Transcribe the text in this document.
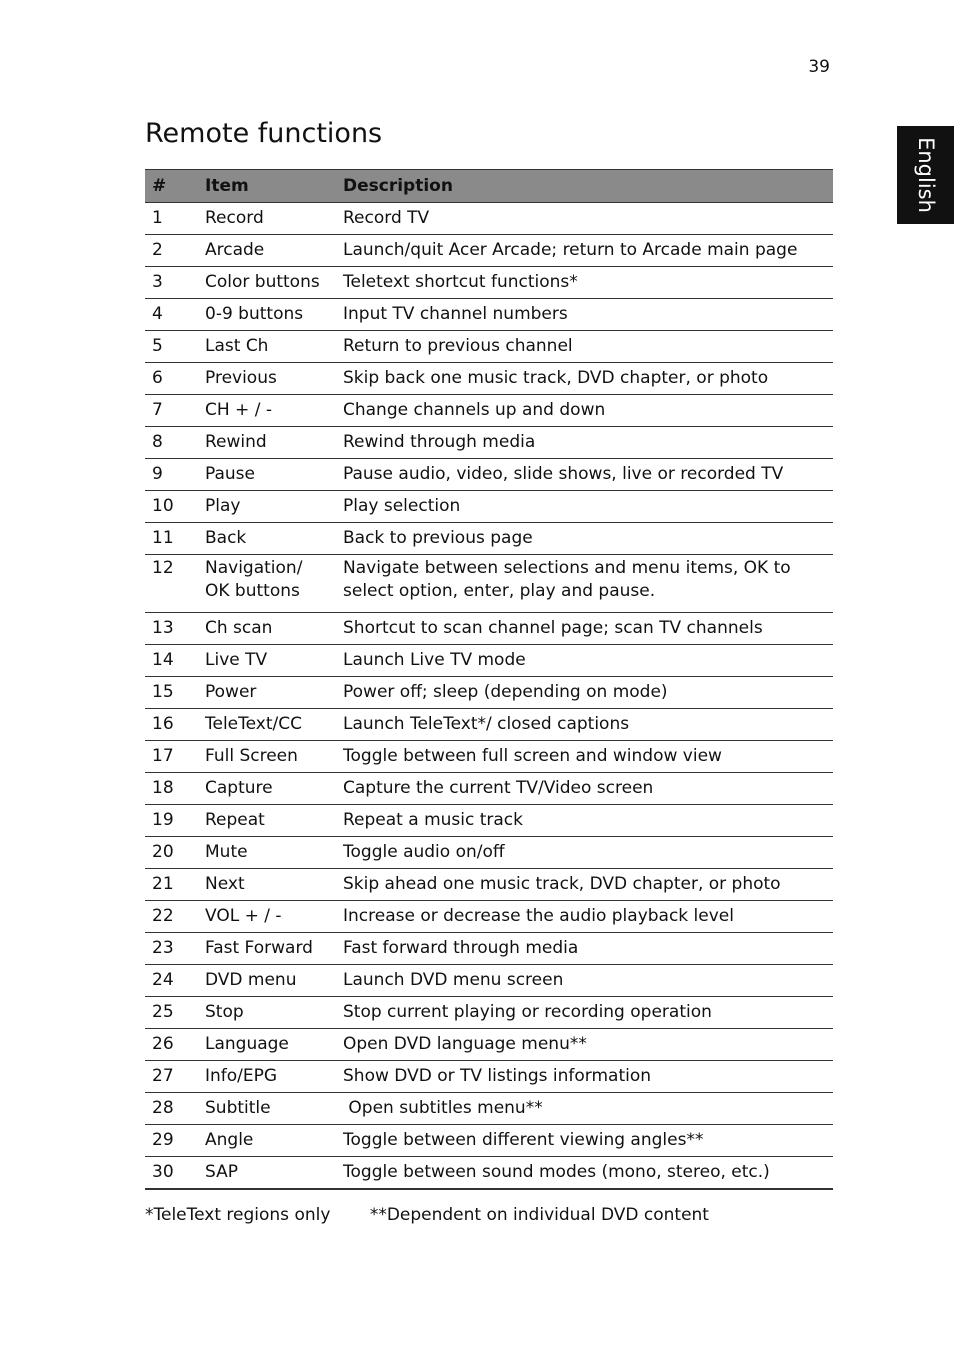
39
Remote functions
English
#	Item	Description
1	Record	Record TV
2	Arcade	Launch/quit Acer Arcade; return to Arcade main page
3	Color buttons	Teletext shortcut functions*
4	0-9 buttons	Input TV channel numbers
5	Last Ch	Return to previous channel
6	Previous	Skip back one music track, DVD chapter, or photo
7	CH + / -	Change channels up and down
8	Rewind	Rewind through media
9	Pause	Pause audio, video, slide shows, live or recorded TV
10	Play	Play selection
11	Back	Back to previous page
12	Navigation/ OK buttons	Navigate between selections and menu items, OK to select option, enter, play and pause.
13	Ch scan	Shortcut to scan channel page; scan TV channels
14	Live TV	Launch Live TV mode
15	Power	Power off; sleep (depending on mode)
16	TeleText/CC	Launch TeleText*/ closed captions
17	Full Screen	Toggle between full screen and window view
18	Capture	Capture the current TV/Video screen
19	Repeat	Repeat a music track
20	Mute	Toggle audio on/off
21	Next	Skip ahead one music track, DVD chapter, or photo
22	VOL + / -	Increase or decrease the audio playback level
23	Fast Forward	Fast forward through media
24	DVD menu	Launch DVD menu screen
25	Stop	Stop current playing or recording operation
26	Language	Open DVD language menu**
27	Info/EPG	Show DVD or TV listings information
28	Subtitle	Open subtitles menu**
29	Angle	Toggle between different viewing angles**
30	SAP	Toggle between sound modes (mono, stereo, etc.)
*TeleText regions only **Dependent on individual DVD content
